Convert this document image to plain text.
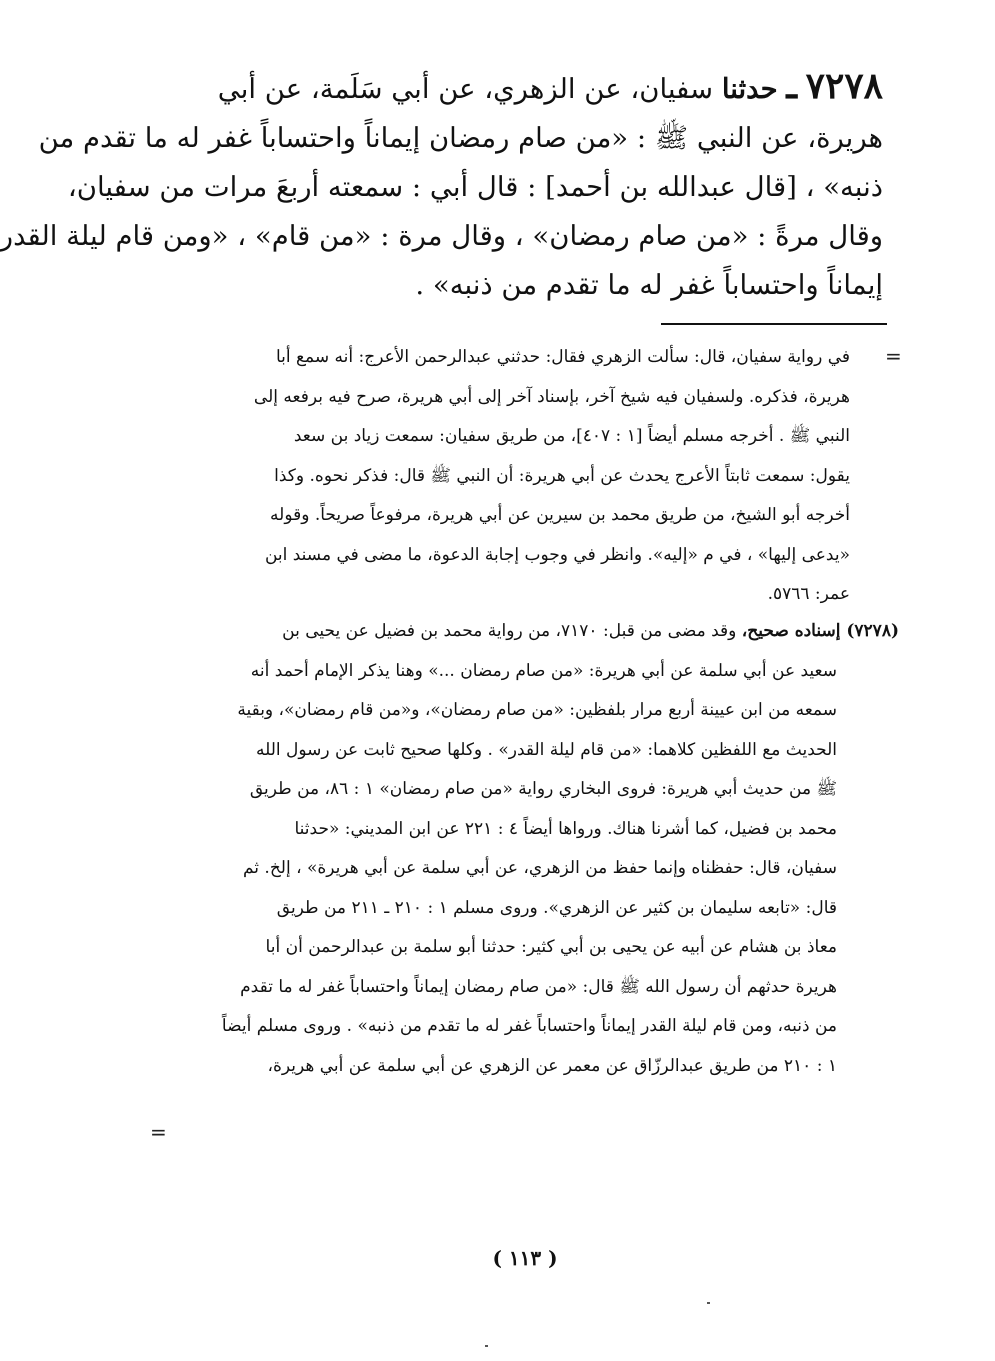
٧٢٧٨ ـ حدثنا سفيان، عن الزهري، عن أبي سَلَمة، عن أبي
هريرة، عن النبي ﷺ : «من صام رمضان إيماناً واحتساباً غفر له ما تقدم من
ذنبه» ، [قال عبدالله بن أحمد] : قال أبي : سمعته أربعَ مرات من سفيان،
وقال مرةً : «من صام رمضان» ، وقال مرة : «من قام» ، «ومن قام ليلة القدر
إيماناً واحتساباً غفر له ما تقدم من ذنبه» .
=
في رواية سفيان، قال: سألت الزهري فقال: حدثني عبدالرحمن الأعرج: أنه سمع أبا
هريرة، فذكره. ولسفيان فيه شيخ آخر، بإسناد آخر إلى أبي هريرة، صرح فيه برفعه إلى
النبي ﷺ . أخرجه مسلم أيضاً [١ : ٤٠٧]، من طريق سفيان: سمعت زياد بن سعد
يقول: سمعت ثابتاً الأعرج يحدث عن أبي هريرة: أن النبي ﷺ قال: فذكر نحوه. وكذا
أخرجه أبو الشيخ، من طريق محمد بن سيرين عن أبي هريرة، مرفوعاً صريحاً. وقوله
«يدعى إليها» ، في م «إليه». وانظر في وجوب إجابة الدعوة، ما مضى في مسند ابن
عمر: ٥٧٦٦.
(٧٢٧٨) إسناده صحيح، وقد مضى من قبل: ٧١٧٠، من رواية محمد بن فضيل عن يحيى بن
سعيد عن أبي سلمة عن أبي هريرة: «من صام رمضان ...» وهنا يذكر الإمام أحمد أنه
سمعه من ابن عيينة أربع مرار بلفظين: «من صام رمضان»، و«من قام رمضان»، وبقية
الحديث مع اللفظين كلاهما: «من قام ليلة القدر» . وكلها صحيح ثابت عن رسول الله
ﷺ من حديث أبي هريرة: فروى البخاري رواية «من صام رمضان» ١ : ٨٦، من طريق
محمد بن فضيل، كما أشرنا هناك. ورواها أيضاً ٤ : ٢٢١ عن ابن المديني: «حدثنا
سفيان، قال: حفظناه وإنما حفظ من الزهري، عن أبي سلمة عن أبي هريرة» ، إلخ. ثم
قال: «تابعه سليمان بن كثير عن الزهري». وروى مسلم ١ : ٢١٠ ـ ٢١١ من طريق
معاذ بن هشام عن أبيه عن يحيى بن أبي كثير: حدثنا أبو سلمة بن عبدالرحمن أن أبا
هريرة حدثهم أن رسول الله ﷺ قال: «من صام رمضان إيماناً واحتساباً غفر له ما تقدم
من ذنبه، ومن قام ليلة القدر إيماناً واحتساباً غفر له ما تقدم من ذنبه» . وروى مسلم أيضاً
١ : ٢١٠ من طريق عبدالرزّاق عن معمر عن الزهري عن أبي سلمة عن أبي هريرة،
=
( ١١٣ )
